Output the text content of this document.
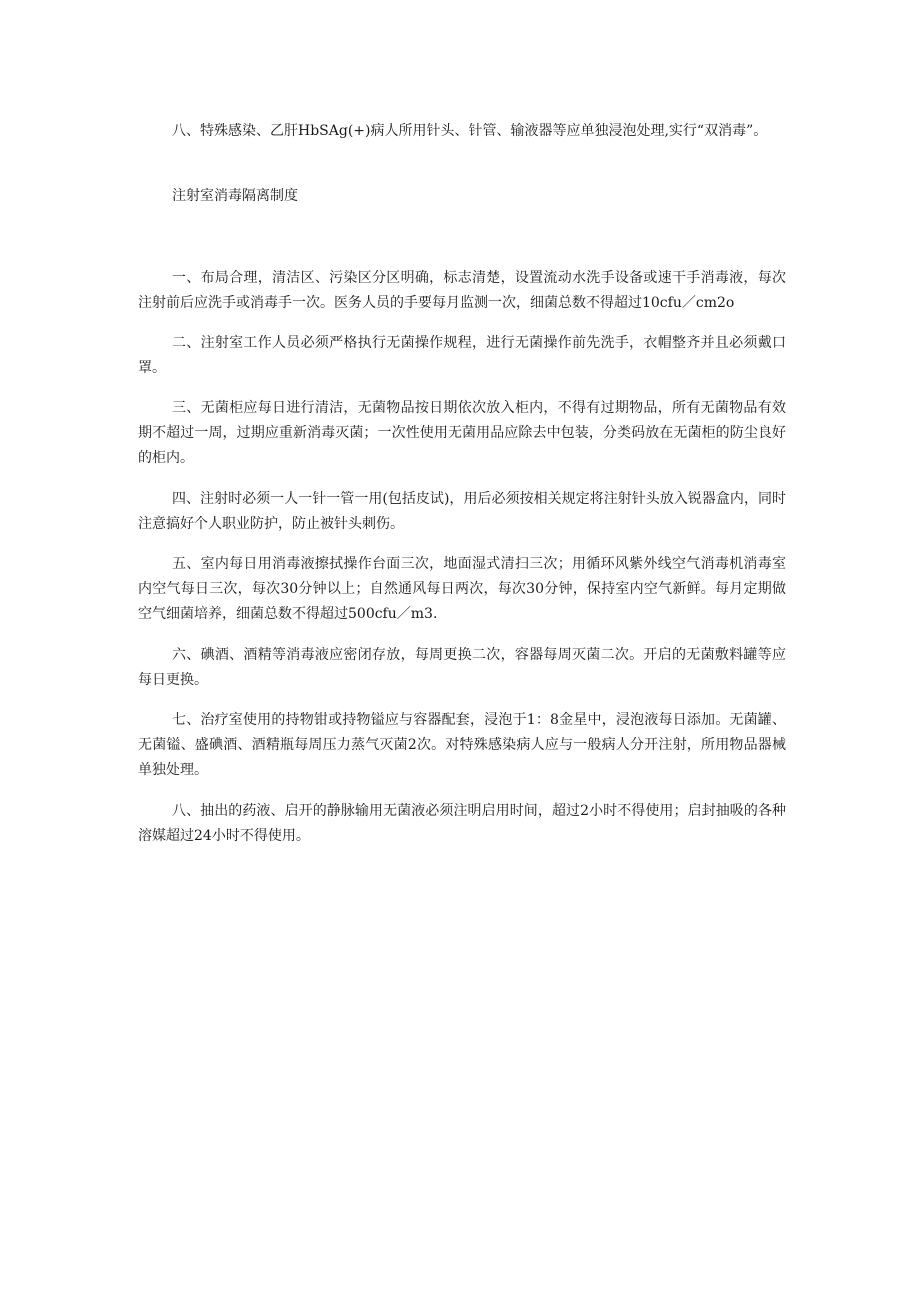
八、特殊感染、乙肝HbSAg(+)病人所用针头、针管、输液器等应单独浸泡处理,实行“双消毒”。

注射室消毒隔离制度

一、布局合理，清洁区、污染区分区明确，标志清楚，设置流动水洗手设备或速干手消毒液，每次注射前后应洗手或消毒手一次。医务人员的手要每月监测一次，细菌总数不得超过10cfu／cm2o

二、注射室工作人员必须严格执行无菌操作规程，进行无菌操作前先洗手，衣帽整齐并且必须戴口罩。

三、无菌柜应每日进行清洁，无菌物品按日期依次放入柜内，不得有过期物品，所有无菌物品有效期不超过一周，过期应重新消毒灭菌；一次性使用无菌用品应除去中包装，分类码放在无菌柜的防尘良好的柜内。

四、注射时必须一人一针一管一用(包括皮试)，用后必须按相关规定将注射针头放入锐器盒内，同时注意搞好个人职业防护，防止被针头刺伤。

五、室内每日用消毒液擦拭操作台面三次，地面湿式清扫三次；用循环风紫外线空气消毒机消毒室内空气每日三次，每次30分钟以上；自然通风每日两次，每次30分钟，保持室内空气新鲜。每月定期做空气细菌培养，细菌总数不得超过500cfu／m3.

六、碘酒、酒精等消毒液应密闭存放，每周更换二次，容器每周灭菌二次。开启的无菌敷料罐等应每日更换。

七、治疗室使用的持物钳或持物镒应与容器配套，浸泡于1：8金星中，浸泡液每日添加。无菌罐、无菌镒、盛碘酒、酒精瓶每周压力蒸气灭菌2次。对特殊感染病人应与一般病人分开注射，所用物品器械单独处理。

八、抽出的药液、启开的静脉输用无菌液必须注明启用时间，超过2小时不得使用；启封抽吸的各种溶媒超过24小时不得使用。
